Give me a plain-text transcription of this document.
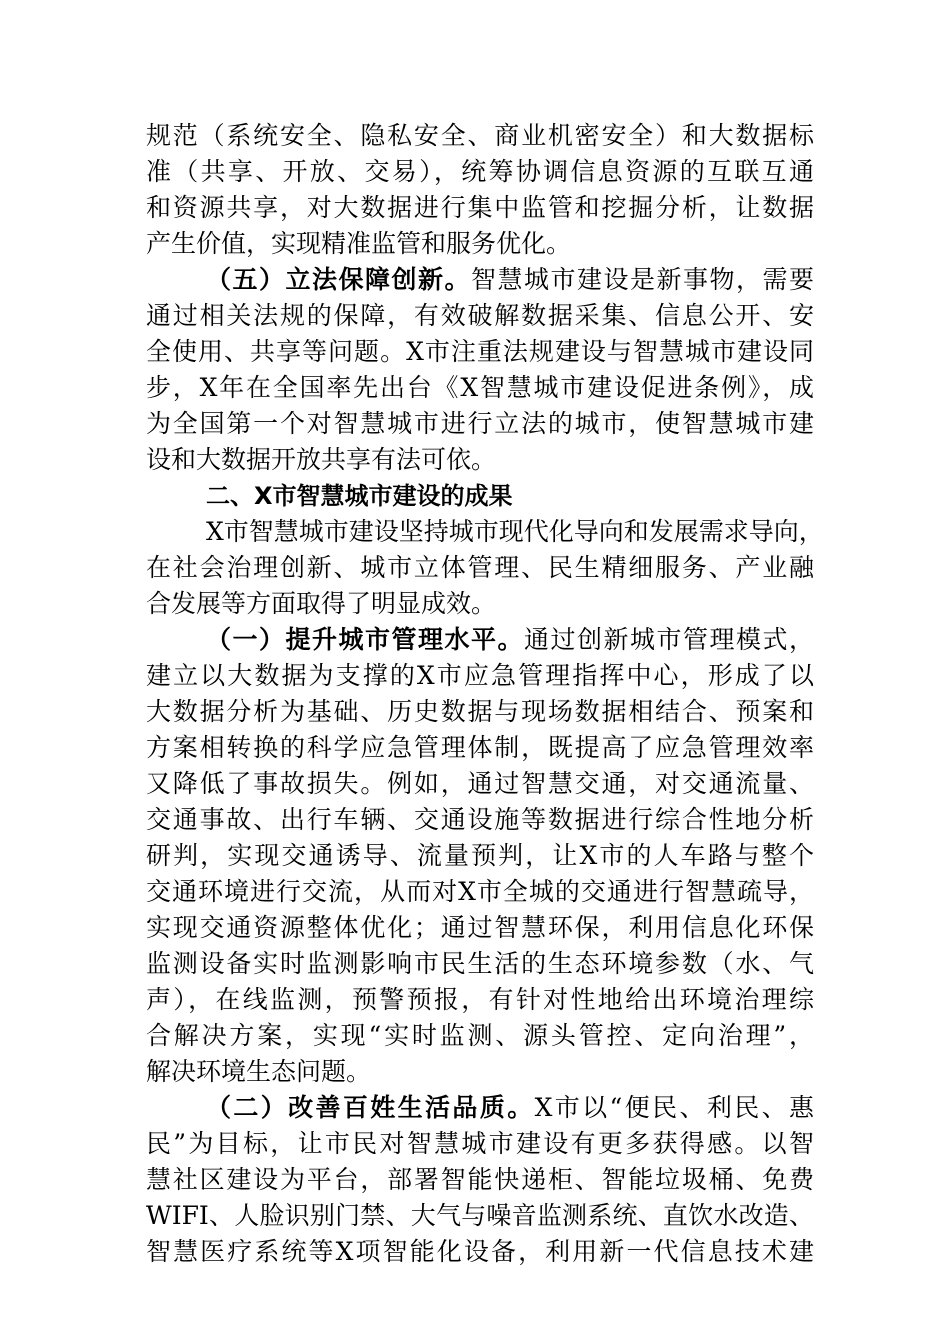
规范（系统安全、隐私安全、商业机密安全）和大数据标
准（共享、开放、交易），统筹协调信息资源的互联互通
和资源共享，对大数据进行集中监管和挖掘分析，让数据
产生价值，实现精准监管和服务优化。
（五）立法保障创新。智慧城市建设是新事物，需要
通过相关法规的保障，有效破解数据采集、信息公开、安
全使用、共享等问题。X市注重法规建设与智慧城市建设同
步，X年在全国率先出台《X智慧城市建设促进条例》，成
为全国第一个对智慧城市进行立法的城市，使智慧城市建
设和大数据开放共享有法可依。
二、X市智慧城市建设的成果
X市智慧城市建设坚持城市现代化导向和发展需求导向，
在社会治理创新、城市立体管理、民生精细服务、产业融
合发展等方面取得了明显成效。
（一）提升城市管理水平。通过创新城市管理模式，
建立以大数据为支撑的X市应急管理指挥中心，形成了以
大数据分析为基础、历史数据与现场数据相结合、预案和
方案相转换的科学应急管理体制，既提高了应急管理效率
又降低了事故损失。例如，通过智慧交通，对交通流量、
交通事故、出行车辆、交通设施等数据进行综合性地分析
研判，实现交通诱导、流量预判，让X市的人车路与整个
交通环境进行交流，从而对X市全城的交通进行智慧疏导，
实现交通资源整体优化；通过智慧环保，利用信息化环保
监测设备实时监测影响市民生活的生态环境参数（水、气
声），在线监测，预警预报，有针对性地给出环境治理综
合解决方案，实现“实时监测、源头管控、定向治理”，
解决环境生态问题。
（二）改善百姓生活品质。X市以“便民、利民、惠
民”为目标，让市民对智慧城市建设有更多获得感。以智
慧社区建设为平台，部署智能快递柜、智能垃圾桶、免费
WIFI、人脸识别门禁、大气与噪音监测系统、直饮水改造、
智慧医疗系统等X项智能化设备，利用新一代信息技术建
